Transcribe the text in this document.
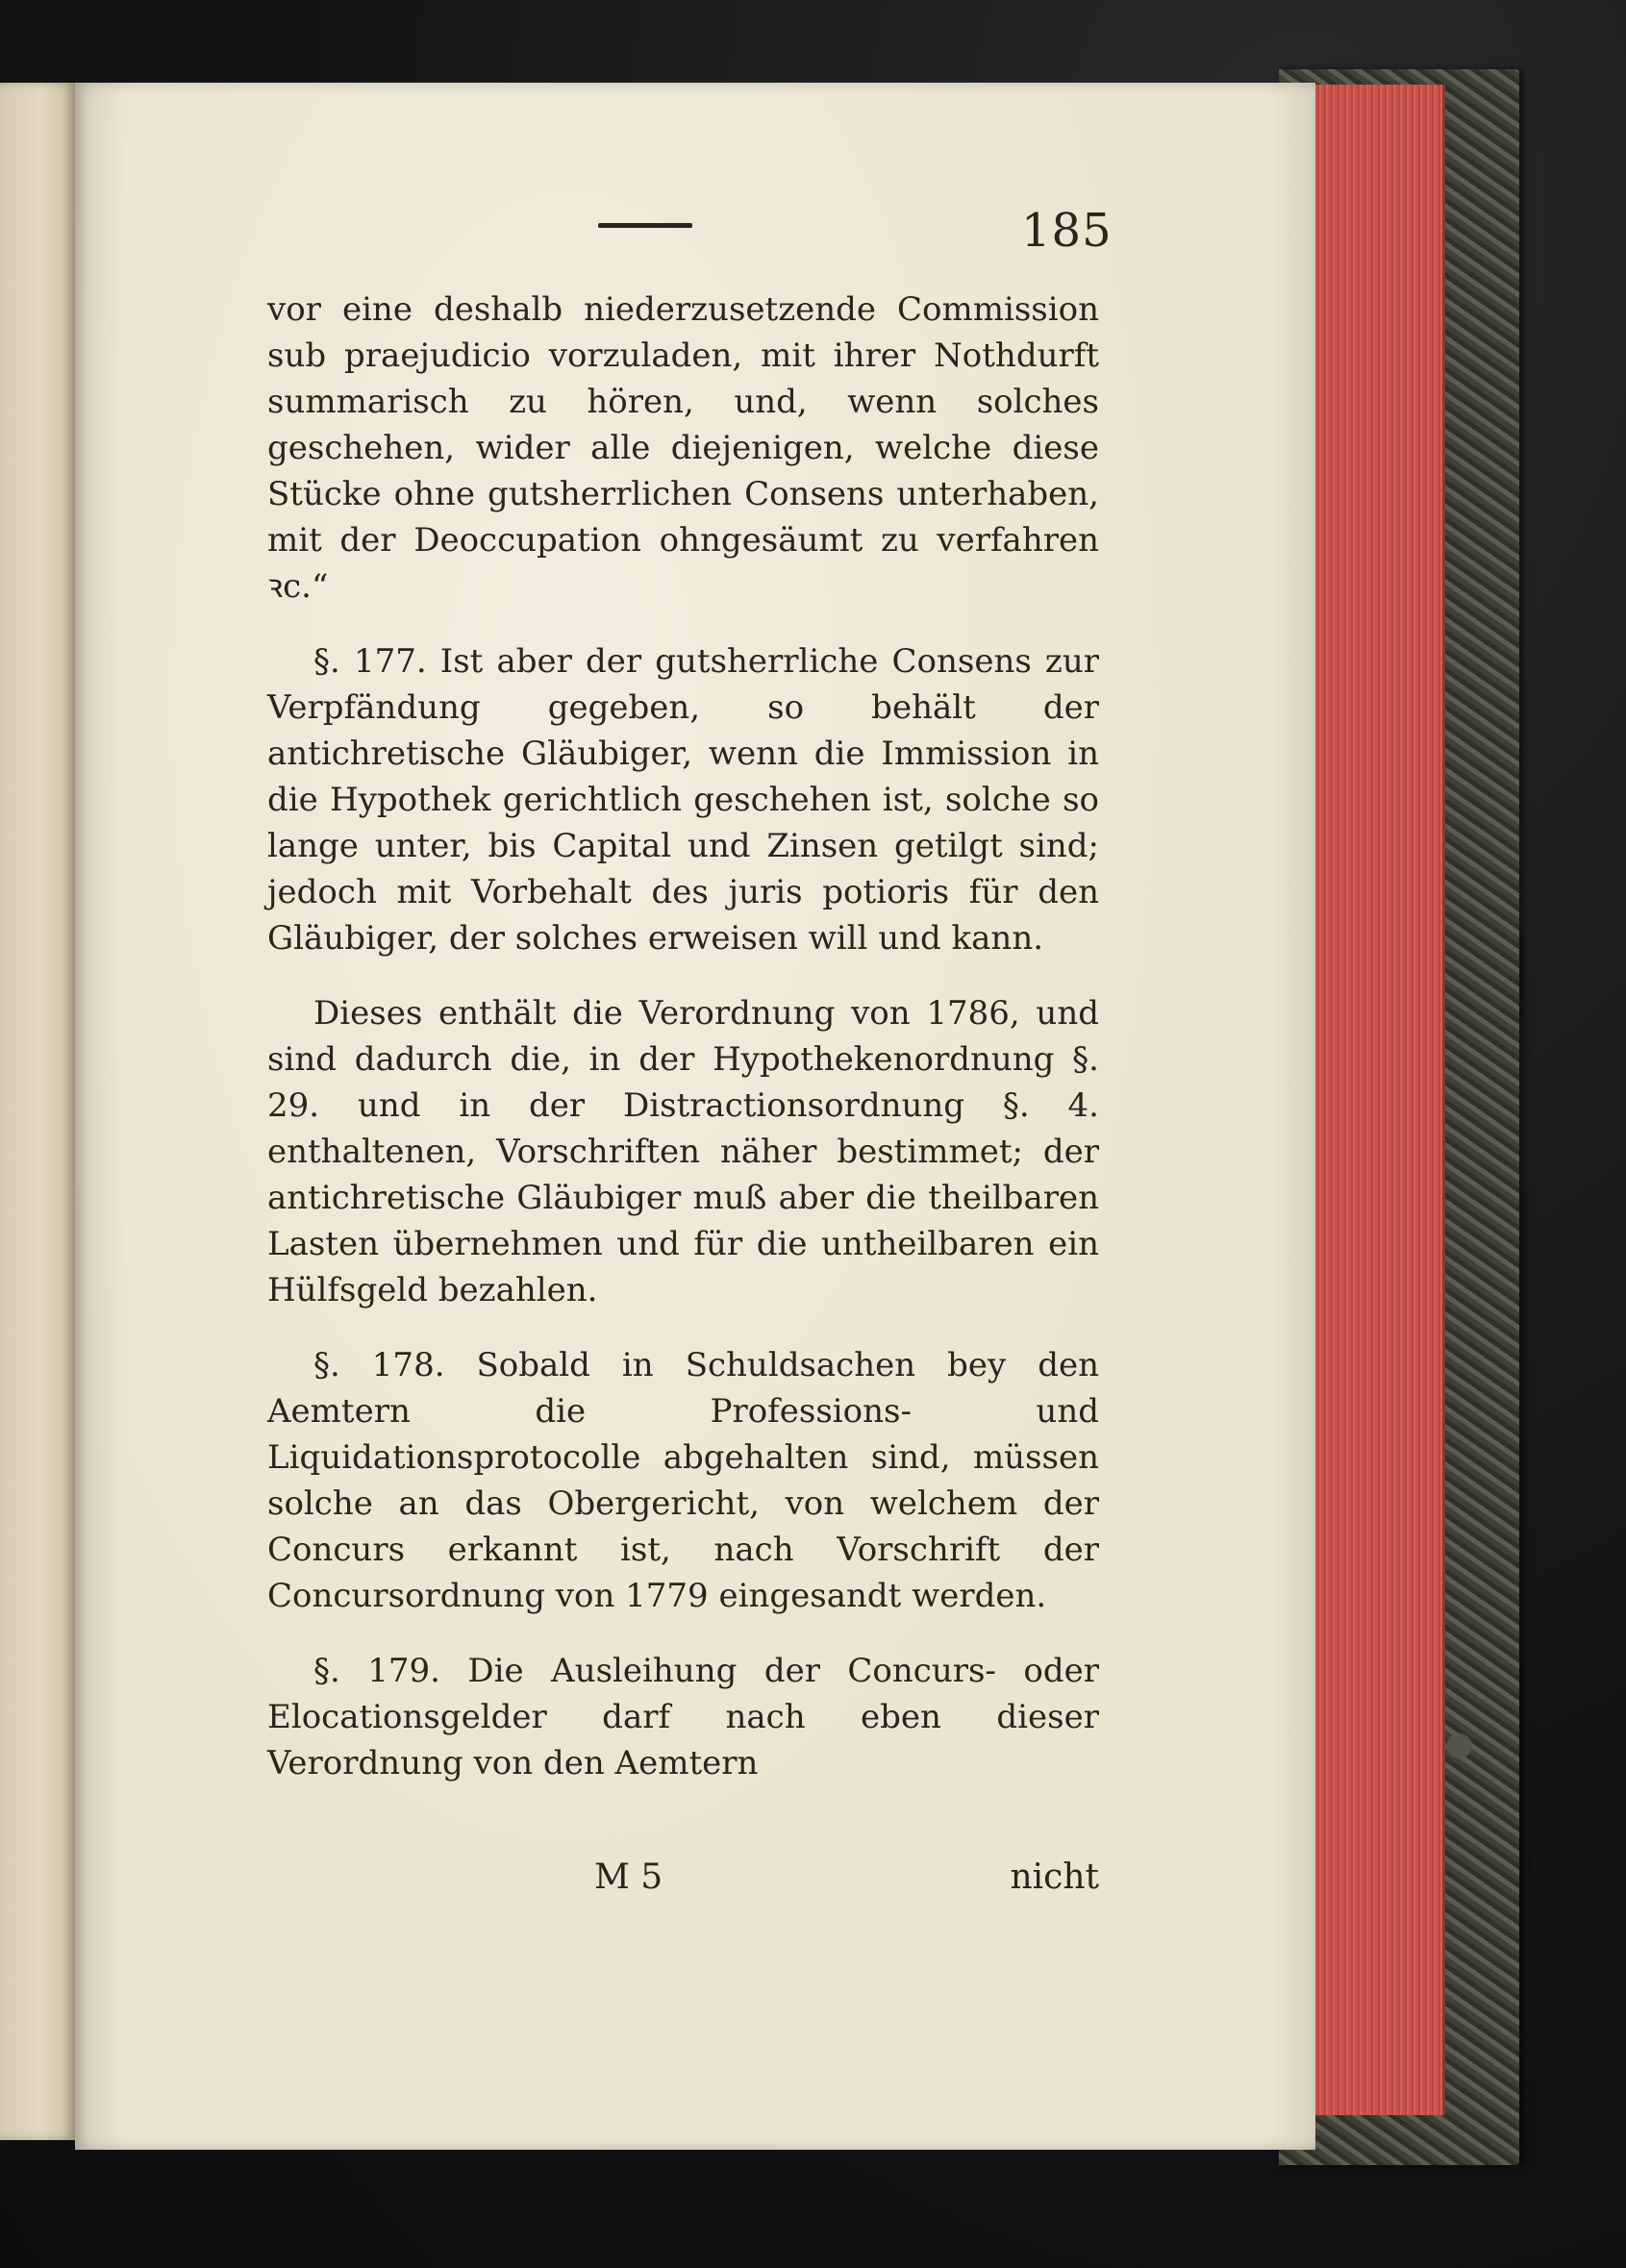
185

vor eine deshalb niederzusetzende Commission sub praejudicio vorzuladen, mit ihrer Nothdurft summarisch zu hören, und, wenn solches geschehen, wider alle diejenigen, welche diese Stücke ohne gutsherrlichen Consens unterhaben, mit der Deoccupation ohngesäumt zu verfahren ꝛc.“

§. 177. Ist aber der gutsherrliche Consens zur Verpfändung gegeben, so behält der antichretische Gläubiger, wenn die Immission in die Hypothek gerichtlich geschehen ist, solche so lange unter, bis Capital und Zinsen getilgt sind; jedoch mit Vorbehalt des juris potioris für den Gläubiger, der solches erweisen will und kann.

Dieses enthält die Verordnung von 1786, und sind dadurch die, in der Hypothekenordnung §. 29. und in der Distractionsordnung §. 4. enthaltenen, Vorschriften näher bestimmet; der antichretische Gläubiger muß aber die theilbaren Lasten übernehmen und für die untheilbaren ein Hülfsgeld bezahlen.

§. 178. Sobald in Schuldsachen bey den Aemtern die Professions- und Liquidationsprotocolle abgehalten sind, müssen solche an das Obergericht, von welchem der Concurs erkannt ist, nach Vorschrift der Concursordnung von 1779 eingesandt werden.

§. 179. Die Ausleihung der Concurs- oder Elocationsgelder darf nach eben dieser Verordnung von den Aemtern

M 5	nicht
